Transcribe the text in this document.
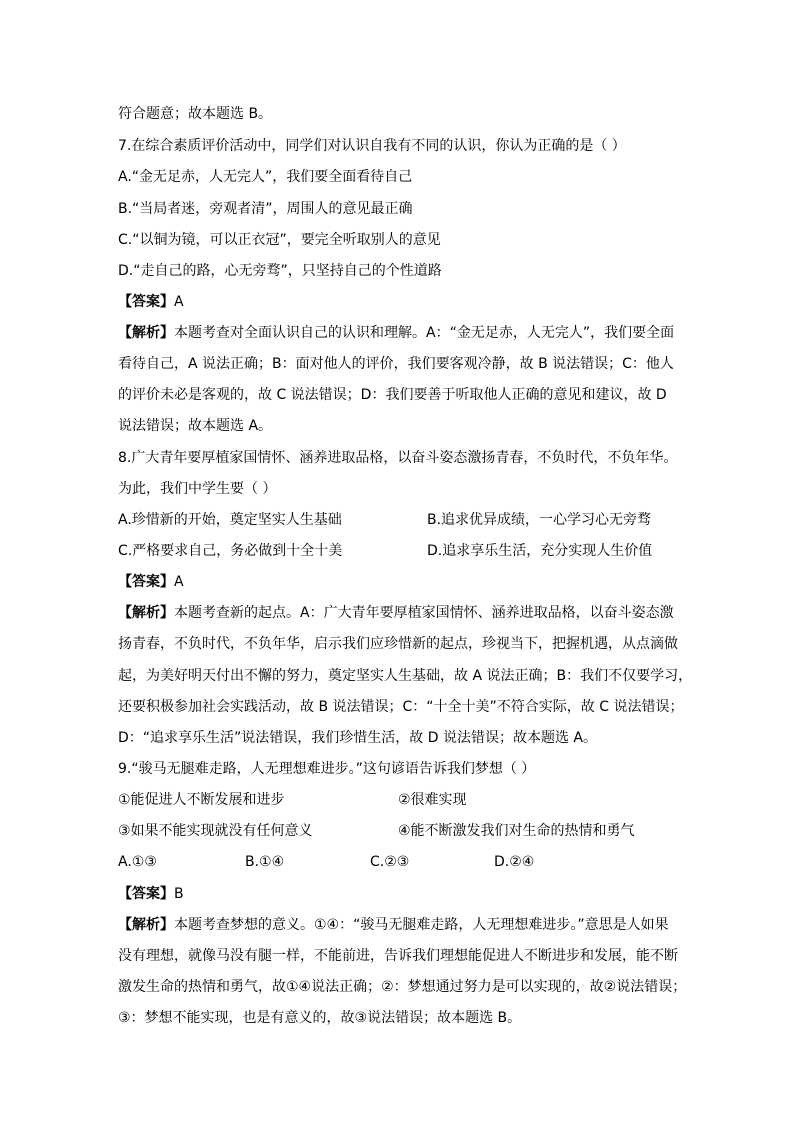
符合题意；故本题选 B。
7.在综合素质评价活动中，同学们对认识自我有不同的认识，你认为正确的是（ ）
A.“金无足赤，人无完人”，我们要全面看待自己
B.“当局者迷，旁观者清”，周围人的意见最正确
C.“以铜为镜，可以正衣冠”，要完全听取别人的意见
D.“走自己的路，心无旁骛”，只坚持自己的个性道路
【答案】A
【解析】本题考查对全面认识自己的认识和理解。A：“金无足赤，人无完人”，我们要全面
看待自己，A 说法正确；B：面对他人的评价，我们要客观冷静，故 B 说法错误；C：他人
的评价未必是客观的，故 C 说法错误；D：我们要善于听取他人正确的意见和建议，故 D
说法错误；故本题选 A。
8.广大青年要厚植家国情怀、涵养进取品格，以奋斗姿态激扬青春，不负时代，不负年华。
为此，我们中学生要（ ）
A.珍惜新的开始，奠定坚实人生基础	B.追求优异成绩，一心学习心无旁骛
C.严格要求自己，务必做到十全十美	D.追求享乐生活，充分实现人生价值
【答案】A
【解析】本题考查新的起点。A：广大青年要厚植家国情怀、涵养进取品格，以奋斗姿态激
扬青春，不负时代，不负年华，启示我们应珍惜新的起点，珍视当下，把握机遇，从点滴做
起，为美好明天付出不懈的努力，奠定坚实人生基础，故 A 说法正确；B：我们不仅要学习，
还要积极参加社会实践活动，故 B 说法错误；C：“十全十美”不符合实际，故 C 说法错误；
D：“追求享乐生活”说法错误，我们珍惜生活，故 D 说法错误；故本题选 A。
9.“骏马无腿难走路，人无理想难进步。”这句谚语告诉我们梦想（ ）
①能促进人不断发展和进步	②很难实现
③如果不能实现就没有任何意义	④能不断激发我们对生命的热情和勇气
A.①③	B.①④	C.②③	D.②④
【答案】B
【解析】本题考查梦想的意义。①④：“骏马无腿难走路，人无理想难进步。”意思是人如果
没有理想，就像马没有腿一样，不能前进，告诉我们理想能促进人不断进步和发展，能不断
激发生命的热情和勇气，故①④说法正确；②：梦想通过努力是可以实现的，故②说法错误；
③：梦想不能实现，也是有意义的，故③说法错误；故本题选 B。
